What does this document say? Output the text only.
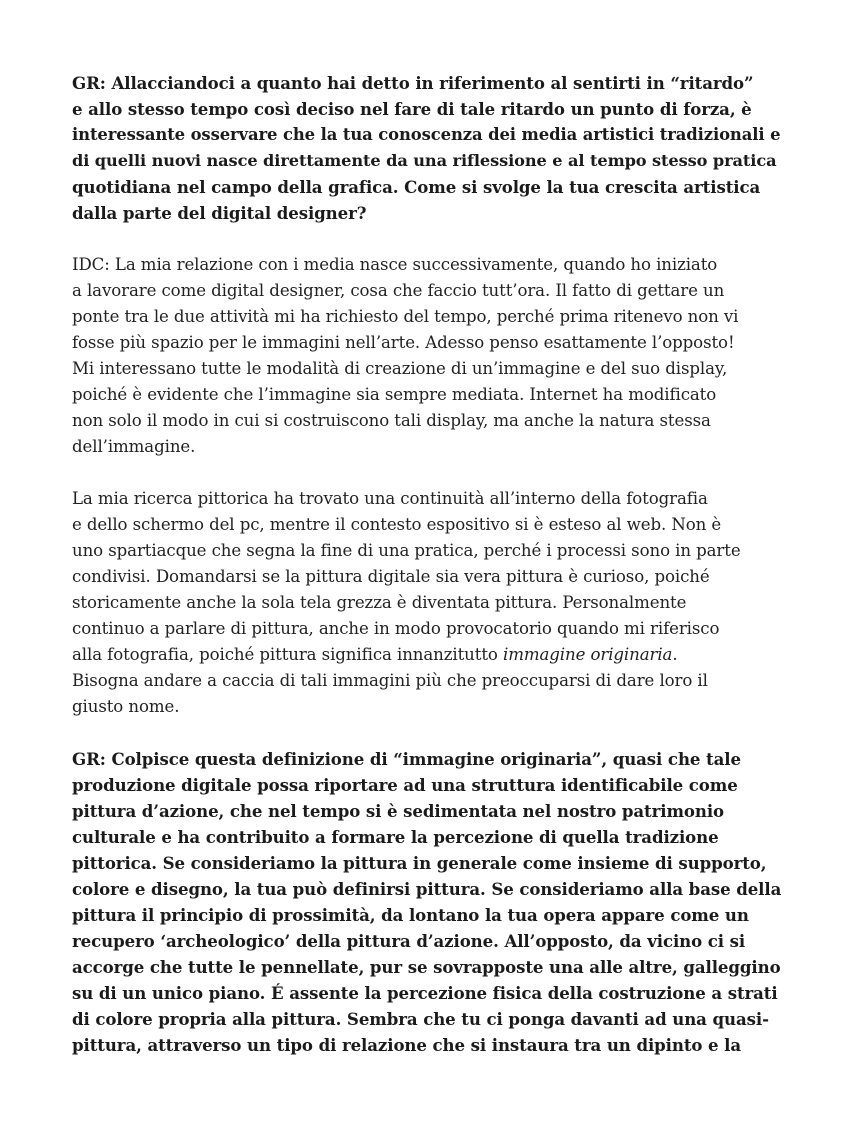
GR: Allacciandoci a quanto hai detto in riferimento al sentirti in “ritardo”
e allo stesso tempo così deciso nel fare di tale ritardo un punto di forza, è
interessante osservare che la tua conoscenza dei media artistici tradizionali e
di quelli nuovi nasce direttamente da una riflessione e al tempo stesso pratica
quotidiana nel campo della grafica. Come si svolge la tua crescita artistica
dalla parte del digital designer?

IDC: La mia relazione con i media nasce successivamente, quando ho iniziato
a lavorare come digital designer, cosa che faccio tutt’ora. Il fatto di gettare un
ponte tra le due attività mi ha richiesto del tempo, perché prima ritenevo non vi
fosse più spazio per le immagini nell’arte. Adesso penso esattamente l’opposto!
Mi interessano tutte le modalità di creazione di un’immagine e del suo display,
poiché è evidente che l’immagine sia sempre mediata. Internet ha modificato
non solo il modo in cui si costruiscono tali display, ma anche la natura stessa
dell’immagine.

La mia ricerca pittorica ha trovato una continuità all’interno della fotografia
e dello schermo del pc, mentre il contesto espositivo si è esteso al web. Non è
uno spartiacque che segna la fine di una pratica, perché i processi sono in parte
condivisi. Domandarsi se la pittura digitale sia vera pittura è curioso, poiché
storicamente anche la sola tela grezza è diventata pittura. Personalmente
continuo a parlare di pittura, anche in modo provocatorio quando mi riferisco
alla fotografia, poiché pittura significa innanzitutto immagine originaria.
Bisogna andare a caccia di tali immagini più che preoccuparsi di dare loro il
giusto nome.

GR: Colpisce questa definizione di “immagine originaria”, quasi che tale
produzione digitale possa riportare ad una struttura identificabile come
pittura d’azione, che nel tempo si è sedimentata nel nostro patrimonio
culturale e ha contribuito a formare la percezione di quella tradizione
pittorica. Se consideriamo la pittura in generale come insieme di supporto,
colore e disegno, la tua può definirsi pittura. Se consideriamo alla base della
pittura il principio di prossimità, da lontano la tua opera appare come un
recupero ‘archeologico’ della pittura d’azione. All’opposto, da vicino ci si
accorge che tutte le pennellate, pur se sovrapposte una alle altre, galleggino
su di un unico piano. É assente la percezione fisica della costruzione a strati
di colore propria alla pittura. Sembra che tu ci ponga davanti ad una quasi-
pittura, attraverso un tipo di relazione che si instaura tra un dipinto e la
